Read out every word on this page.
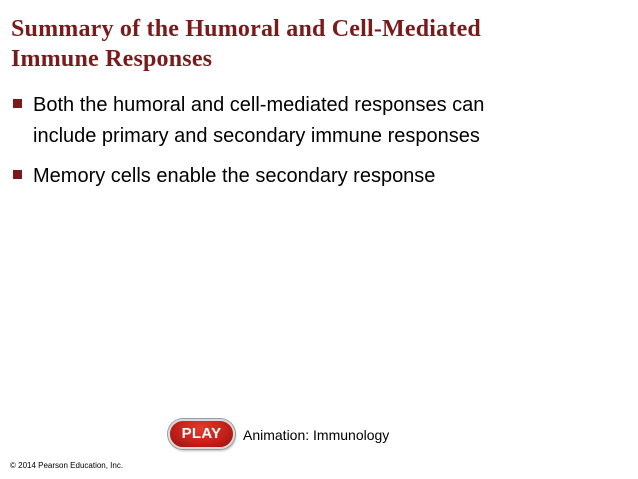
Summary of the Humoral and Cell-Mediated
Immune Responses
Both the humoral and cell-mediated responses can
include primary and secondary immune responses
Memory cells enable the secondary response
PLAY	Animation: Immunology
© 2014 Pearson Education, Inc.
